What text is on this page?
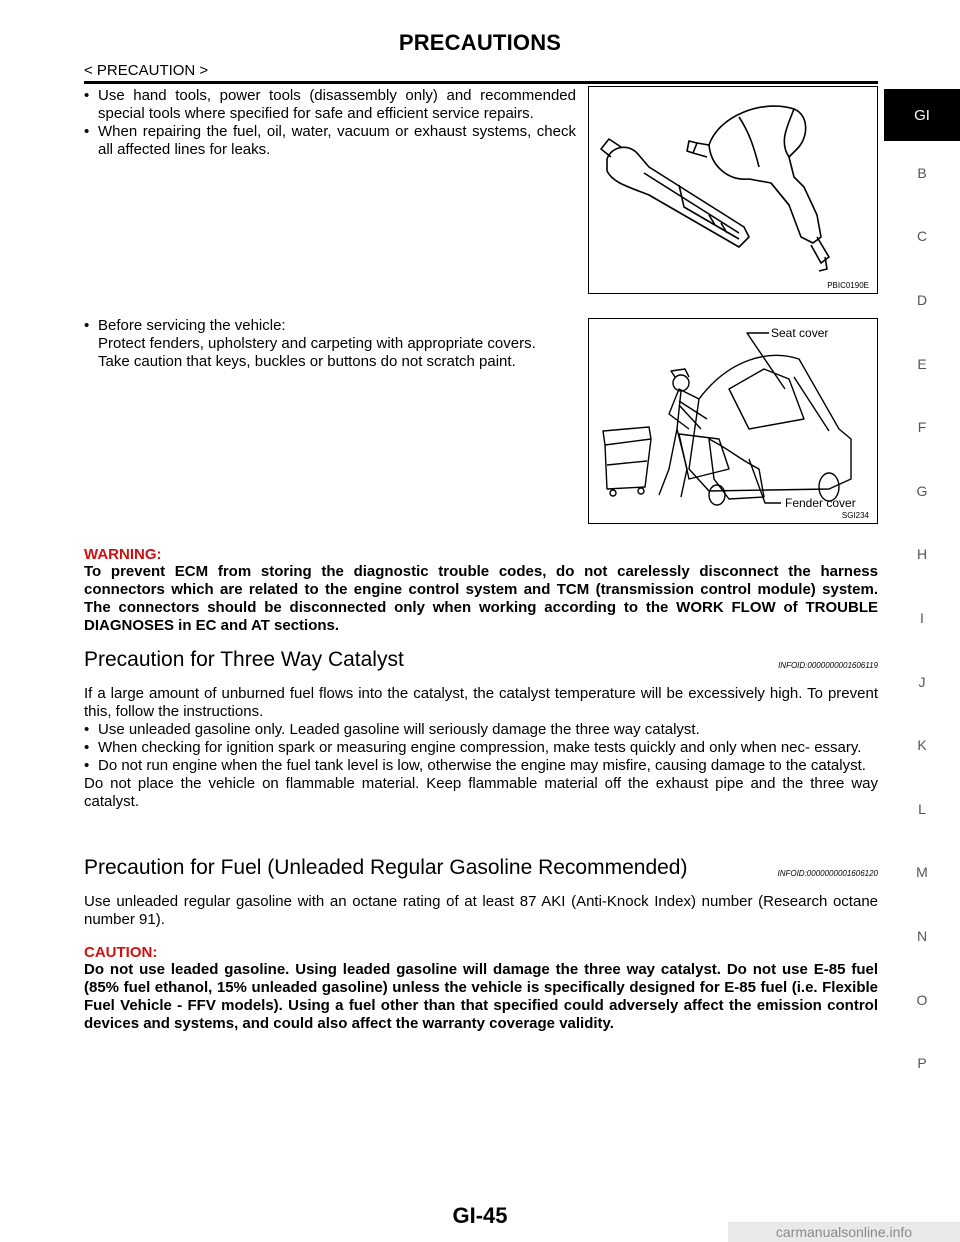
PRECAUTIONS
< PRECAUTION >
GI
B
C
D
E
F
G
H
I
J
K
L
M
N
O
P
• Use hand tools, power tools (disassembly only) and recommended special tools where specified for safe and efficient service repairs.
• When repairing the fuel, oil, water, vacuum or exhaust systems, check all affected lines for leaks.
PBIC0190E
• Before servicing the vehicle:
Protect fenders, upholstery and carpeting with appropriate covers.
Take caution that keys, buckles or buttons do not scratch paint.
Seat cover
Fender cover
SGI234
WARNING:
To prevent ECM from storing the diagnostic trouble codes, do not carelessly disconnect the harness connectors which are related to the engine control system and TCM (transmission control module) system. The connectors should be disconnected only when working according to the WORK FLOW of TROUBLE DIAGNOSES in EC and AT sections.
Precaution for Three Way Catalyst	INFOID:0000000001606119
If a large amount of unburned fuel flows into the catalyst, the catalyst temperature will be excessively high. To prevent this, follow the instructions.
• Use unleaded gasoline only. Leaded gasoline will seriously damage the three way catalyst.
• When checking for ignition spark or measuring engine compression, make tests quickly and only when nec- essary.
• Do not run engine when the fuel tank level is low, otherwise the engine may misfire, causing damage to the catalyst.
Do not place the vehicle on flammable material. Keep flammable material off the exhaust pipe and the three way catalyst.
Precaution for Fuel (Unleaded Regular Gasoline Recommended)	INFOID:0000000001606120
Use unleaded regular gasoline with an octane rating of at least 87 AKI (Anti-Knock Index) number (Research octane number 91).
CAUTION:
Do not use leaded gasoline. Using leaded gasoline will damage the three way catalyst. Do not use E-85 fuel (85% fuel ethanol, 15% unleaded gasoline) unless the vehicle is specifically designed for E-85 fuel (i.e. Flexible Fuel Vehicle - FFV models). Using a fuel other than that specified could adversely affect the emission control devices and systems, and could also affect the warranty coverage validity.
GI-45
carmanualsonline.info
